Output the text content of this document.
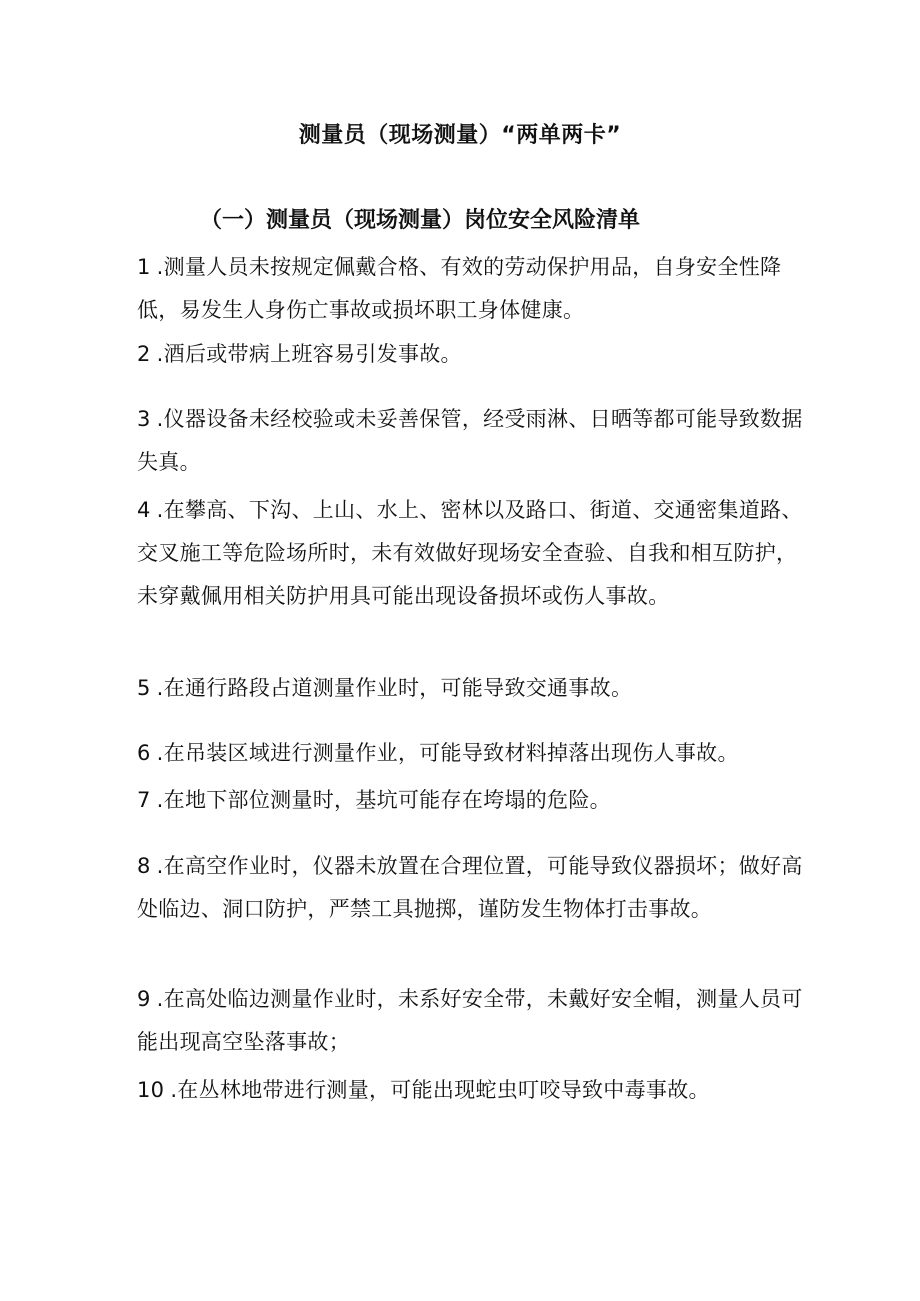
测量员（现场测量）“两单两卡”
（一）测量员（现场测量）岗位安全风险清单
1 .测量人员未按规定佩戴合格、有效的劳动保护用品，自身安全性降低，易发生人身伤亡事故或损坏职工身体健康。
2 .酒后或带病上班容易引发事故。
3 .仪器设备未经校验或未妥善保管，经受雨淋、日晒等都可能导致数据失真。
4 .在攀高、下沟、上山、水上、密林以及路口、街道、交通密集道路、交叉施工等危险场所时，未有效做好现场安全查验、自我和相互防护，未穿戴佩用相关防护用具可能出现设备损坏或伤人事故。
5 .在通行路段占道测量作业时，可能导致交通事故。
6 .在吊装区域进行测量作业，可能导致材料掉落出现伤人事故。
7 .在地下部位测量时，基坑可能存在垮塌的危险。
8 .在高空作业时，仪器未放置在合理位置，可能导致仪器损坏；做好高处临边、洞口防护，严禁工具抛掷，谨防发生物体打击事故。
9 .在高处临边测量作业时，未系好安全带，未戴好安全帽，测量人员可能出现高空坠落事故；
10 .在丛林地带进行测量，可能出现蛇虫叮咬导致中毒事故。
